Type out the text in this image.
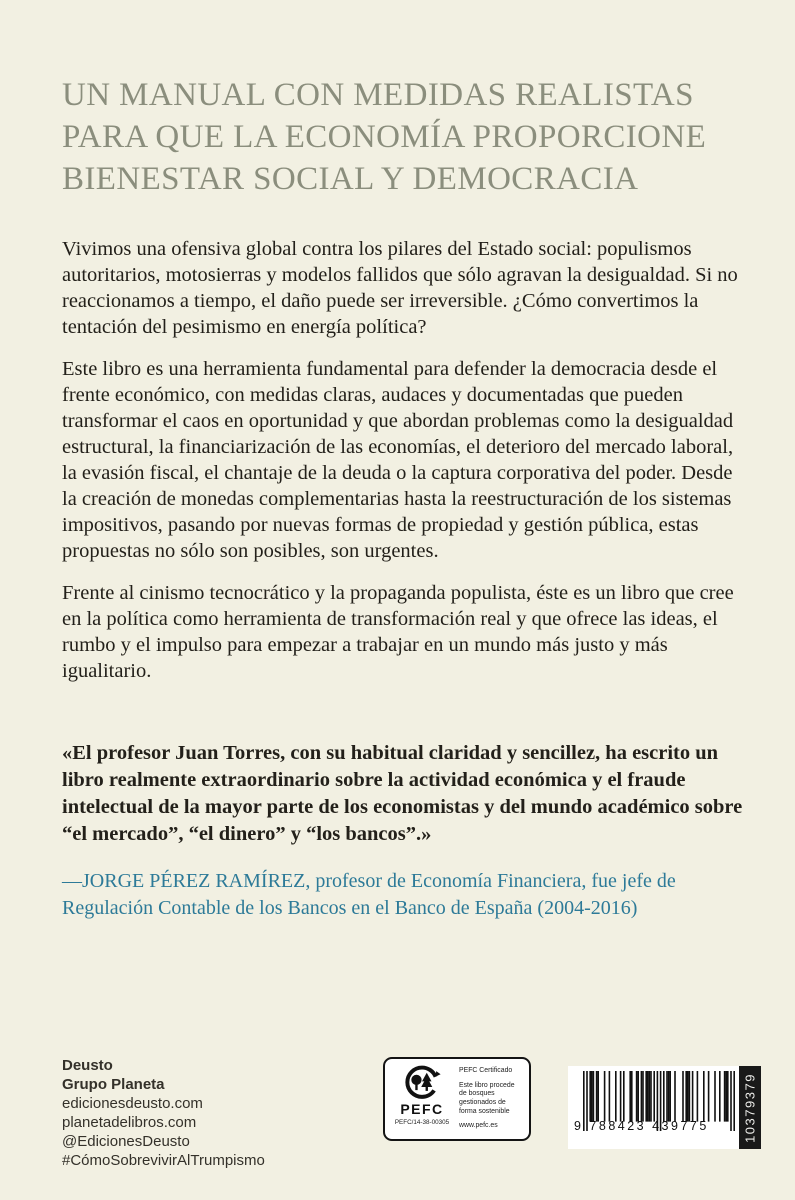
UN MANUAL CON MEDIDAS REALISTAS
PARA QUE LA ECONOMÍA PROPORCIONE
BIENESTAR SOCIAL Y DEMOCRACIA

Vivimos una ofensiva global contra los pilares del Estado social: populismos autoritarios, motosierras y modelos fallidos que sólo agravan la desigualdad. Si no reaccionamos a tiempo, el daño puede ser irreversible. ¿Cómo convertimos la tentación del pesimismo en energía política?

Este libro es una herramienta fundamental para defender la democracia desde el frente económico, con medidas claras, audaces y documentadas que pueden transformar el caos en oportunidad y que abordan problemas como la desigualdad estructural, la financiarización de las economías, el deterioro del mercado laboral, la evasión fiscal, el chantaje de la deuda o la captura corporativa del poder. Desde la creación de monedas complementarias hasta la reestructuración de los sistemas impositivos, pasando por nuevas formas de propiedad y gestión pública, estas propuestas no sólo son posibles, son urgentes.

Frente al cinismo tecnocrático y la propaganda populista, éste es un libro que cree en la política como herramienta de transformación real y que ofrece las ideas, el rumbo y el impulso para empezar a trabajar en un mundo más justo y más igualitario.

«El profesor Juan Torres, con su habitual claridad y sencillez, ha escrito un libro realmente extraordinario sobre la actividad económica y el fraude intelectual de la mayor parte de los economistas y del mundo académico sobre “el mercado”, “el dinero” y “los bancos”.»

—JORGE PÉREZ RAMÍREZ, profesor de Economía Financiera, fue jefe de Regulación Contable de los Bancos en el Banco de España (2004-2016)

Deusto
Grupo Planeta
edicionesdeusto.com
planetadelibros.com
@EdicionesDeusto
#CómoSobrevivirAlTrumpismo
PEFC
PEFC/14-38-00305
PEFC Certificado
Este libro procede de bosques gestionados de forma sostenible
www.pefc.es	9 788423 439775	10379379
